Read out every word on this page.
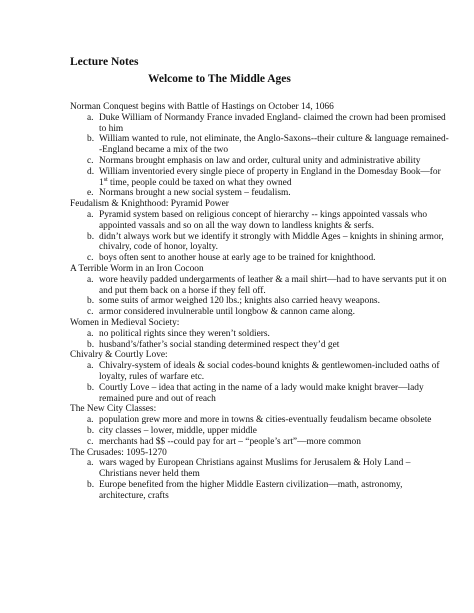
Lecture Notes
Welcome to The Middle Ages
Norman Conquest begins with Battle of Hastings on October 14, 1066
a. Duke William of Normandy France invaded England- claimed the crown had been promised to him
b. William wanted to rule, not eliminate, the Anglo-Saxons--their culture & language remained--England became a mix of the two
c. Normans brought emphasis on law and order, cultural unity and administrative ability
d. William inventoried every single piece of property in England in the Domesday Book—for 1st time, people could be taxed on what they owned
e. Normans brought a new social system – feudalism.
Feudalism & Knighthood: Pyramid Power
a. Pyramid system based on religious concept of hierarchy -- kings appointed vassals who appointed vassals and so on all the way down to landless knights & serfs.
b. didn’t always work but we identify it strongly with Middle Ages – knights in shining armor, chivalry, code of honor, loyalty.
c. boys often sent to another house at early age to be trained for knighthood.
A Terrible Worm in an Iron Cocoon
a. wore heavily padded undergarments of leather & a mail shirt—had to have servants put it on and put them back on a horse if they fell off.
b. some suits of armor weighed 120 lbs.; knights also carried heavy weapons.
c. armor considered invulnerable until longbow & cannon came along.
Women in Medieval Society:
a. no political rights since they weren’t soldiers.
b. husband’s/father’s social standing determined respect they’d get
Chivalry & Courtly Love:
a. Chivalry-system of ideals & social codes-bound knights & gentlewomen-included oaths of loyalty, rules of warfare etc.
b. Courtly Love – idea that acting in the name of a lady would make knight braver—lady remained pure and out of reach
The New City Classes:
a. population grew more and more in towns & cities-eventually feudalism became obsolete
b. city classes – lower, middle, upper middle
c. merchants had $$ --could pay for art – “people’s art”—more common
The Crusades: 1095-1270
a. wars waged by European Christians against Muslims for Jerusalem & Holy Land – Christians never held them
b. Europe benefited from the higher Middle Eastern civilization—math, astronomy, architecture, crafts
